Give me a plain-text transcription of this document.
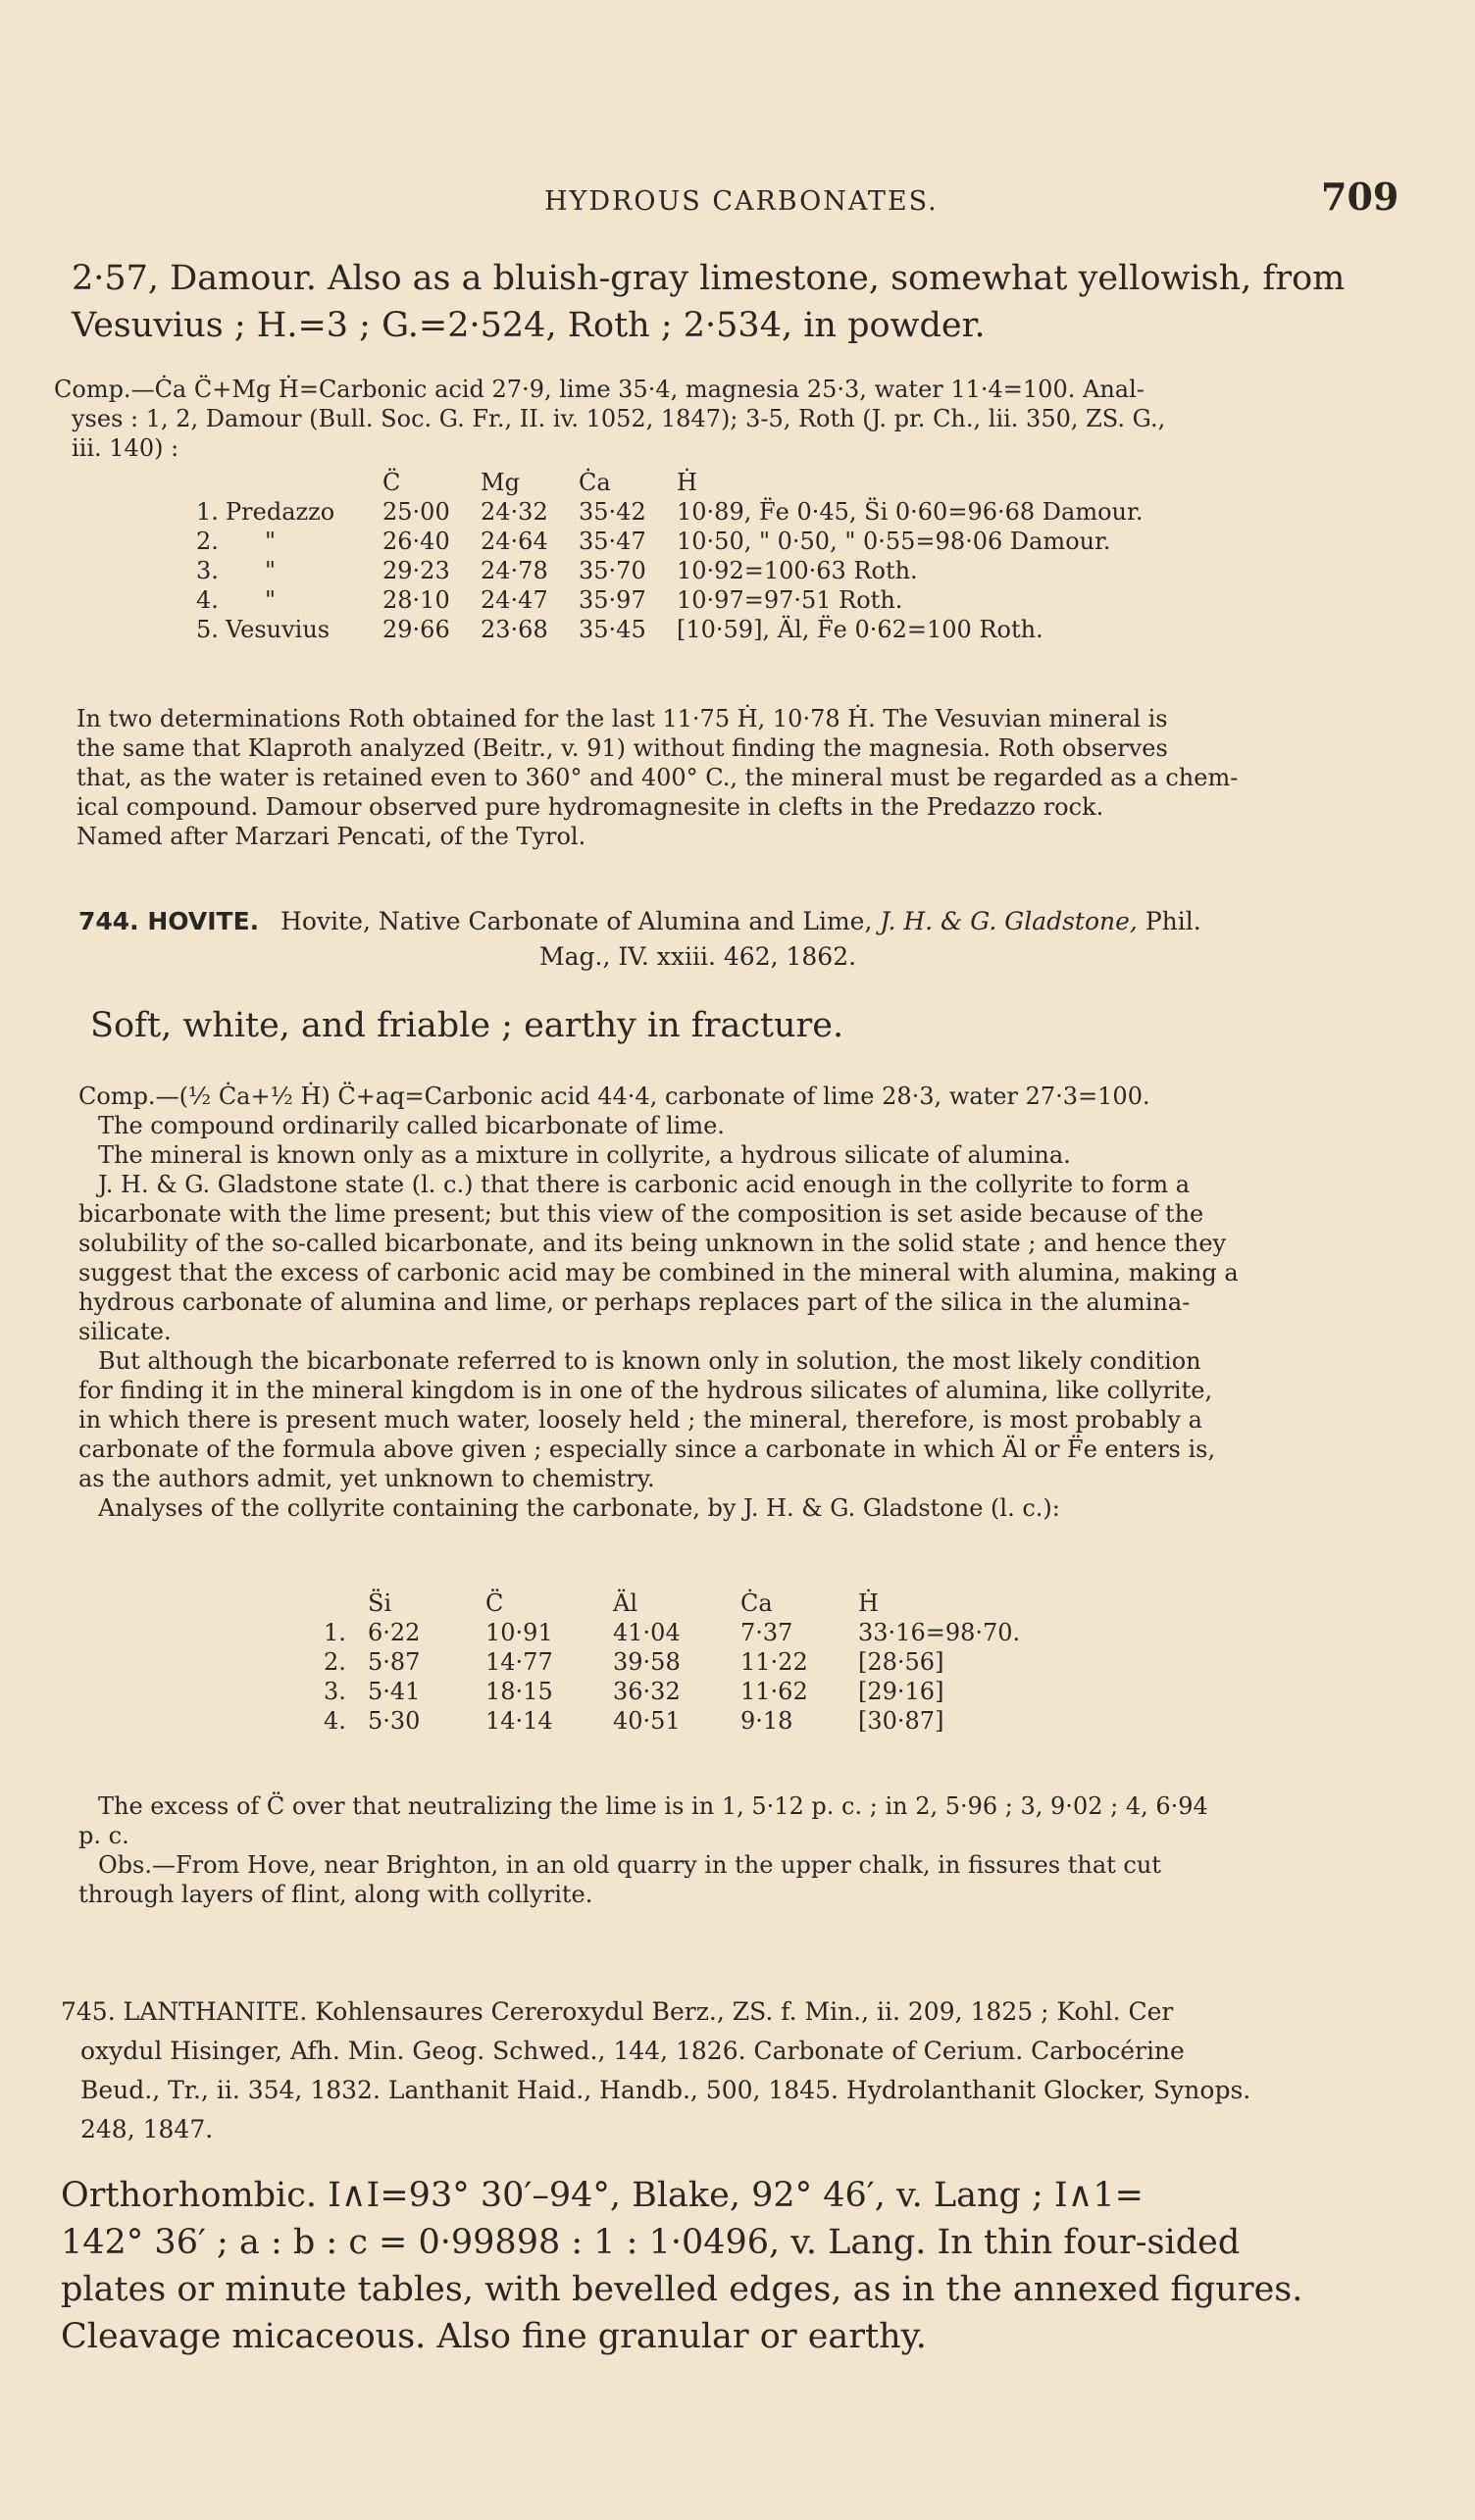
HYDROUS CARBONATES.	709

2·57, Damour. Also as a bluish-gray limestone, somewhat yellowish, from

Vesuvius ; H.=3 ; G.=2·524, Roth ; 2·534, in powder.

Comp.—Ċa C̈+Mg Ḣ=Carbonic acid 27·9, lime 35·4, magnesia 25·3, water 11·4=100. Anal-

yses : 1, 2, Damour (Bull. Soc. G. Fr., II. iv. 1052, 1847); 3-5, Roth (J. pr. Ch., lii. 350, ZS. G.,

iii. 140) :

		C̈	Mg	Ċa	Ḣ
1.	Predazzo	25·00	24·32	35·42	10·89, F̈e 0·45, S̈i 0·60=96·68 Damour.
2.	"	26·40	24·64	35·47	10·50, " 0·50, " 0·55=98·06 Damour.
3.	"	29·23	24·78	35·70	10·92=100·63 Roth.
4.	"	28·10	24·47	35·97	10·97=97·51 Roth.
5.	Vesuvius	29·66	23·68	35·45	[10·59], Äl, F̈e 0·62=100 Roth.

In two determinations Roth obtained for the last 11·75 Ḣ, 10·78 Ḣ. The Vesuvian mineral is

the same that Klaproth analyzed (Beitr., v. 91) without finding the magnesia. Roth observes

that, as the water is retained even to 360° and 400° C., the mineral must be regarded as a chem-

ical compound. Damour observed pure hydromagnesite in clefts in the Predazzo rock.

Named after Marzari Pencati, of the Tyrol.

744. HOVITE. Hovite, Native Carbonate of Alumina and Lime, J. H. & G. Gladstone, Phil.
Mag., IV. xxiii. 462, 1862.
Soft, white, and friable ; earthy in fracture.

Comp.—(½ Ċa+½ Ḣ) C̈+aq=Carbonic acid 44·4, carbonate of lime 28·3, water 27·3=100.

The compound ordinarily called bicarbonate of lime.

The mineral is known only as a mixture in collyrite, a hydrous silicate of alumina.

J. H. & G. Gladstone state (l. c.) that there is carbonic acid enough in the collyrite to form a

bicarbonate with the lime present; but this view of the composition is set aside because of the

solubility of the so-called bicarbonate, and its being unknown in the solid state ; and hence they

suggest that the excess of carbonic acid may be combined in the mineral with alumina, making a

hydrous carbonate of alumina and lime, or perhaps replaces part of the silica in the alumina-

silicate.

But although the bicarbonate referred to is known only in solution, the most likely condition

for finding it in the mineral kingdom is in one of the hydrous silicates of alumina, like collyrite,

in which there is present much water, loosely held ; the mineral, therefore, is most probably a

carbonate of the formula above given ; especially since a carbonate in which Äl or F̈e enters is,

as the authors admit, yet unknown to chemistry.

Analyses of the collyrite containing the carbonate, by J. H. & G. Gladstone (l. c.):

	S̈i	C̈	Äl	Ċa	Ḣ
1.	6·22	10·91	41·04	7·37	33·16=98·70.
2.	5·87	14·77	39·58	11·22	[28·56]
3.	5·41	18·15	36·32	11·62	[29·16]
4.	5·30	14·14	40·51	9·18	[30·87]

The excess of C̈ over that neutralizing the lime is in 1, 5·12 p. c. ; in 2, 5·96 ; 3, 9·02 ; 4, 6·94

p. c.

Obs.—From Hove, near Brighton, in an old quarry in the upper chalk, in fissures that cut

through layers of flint, along with collyrite.

745. LANTHANITE. Kohlensaures Cereroxydul Berz., ZS. f. Min., ii. 209, 1825 ; Kohl. Cer

oxydul Hisinger, Afh. Min. Geog. Schwed., 144, 1826. Carbonate of Cerium. Carbocérine

Beud., Tr., ii. 354, 1832. Lanthanit Haid., Handb., 500, 1845. Hydrolanthanit Glocker, Synops.

248, 1847.

Orthorhombic. I∧I=93° 30′–94°, Blake, 92° 46′, v. Lang ; I∧1=

142° 36′ ; a : b : c = 0·99898 : 1 : 1·0496, v. Lang. In thin four-sided

plates or minute tables, with bevelled edges, as in the annexed figures.

Cleavage micaceous. Also fine granular or earthy.
